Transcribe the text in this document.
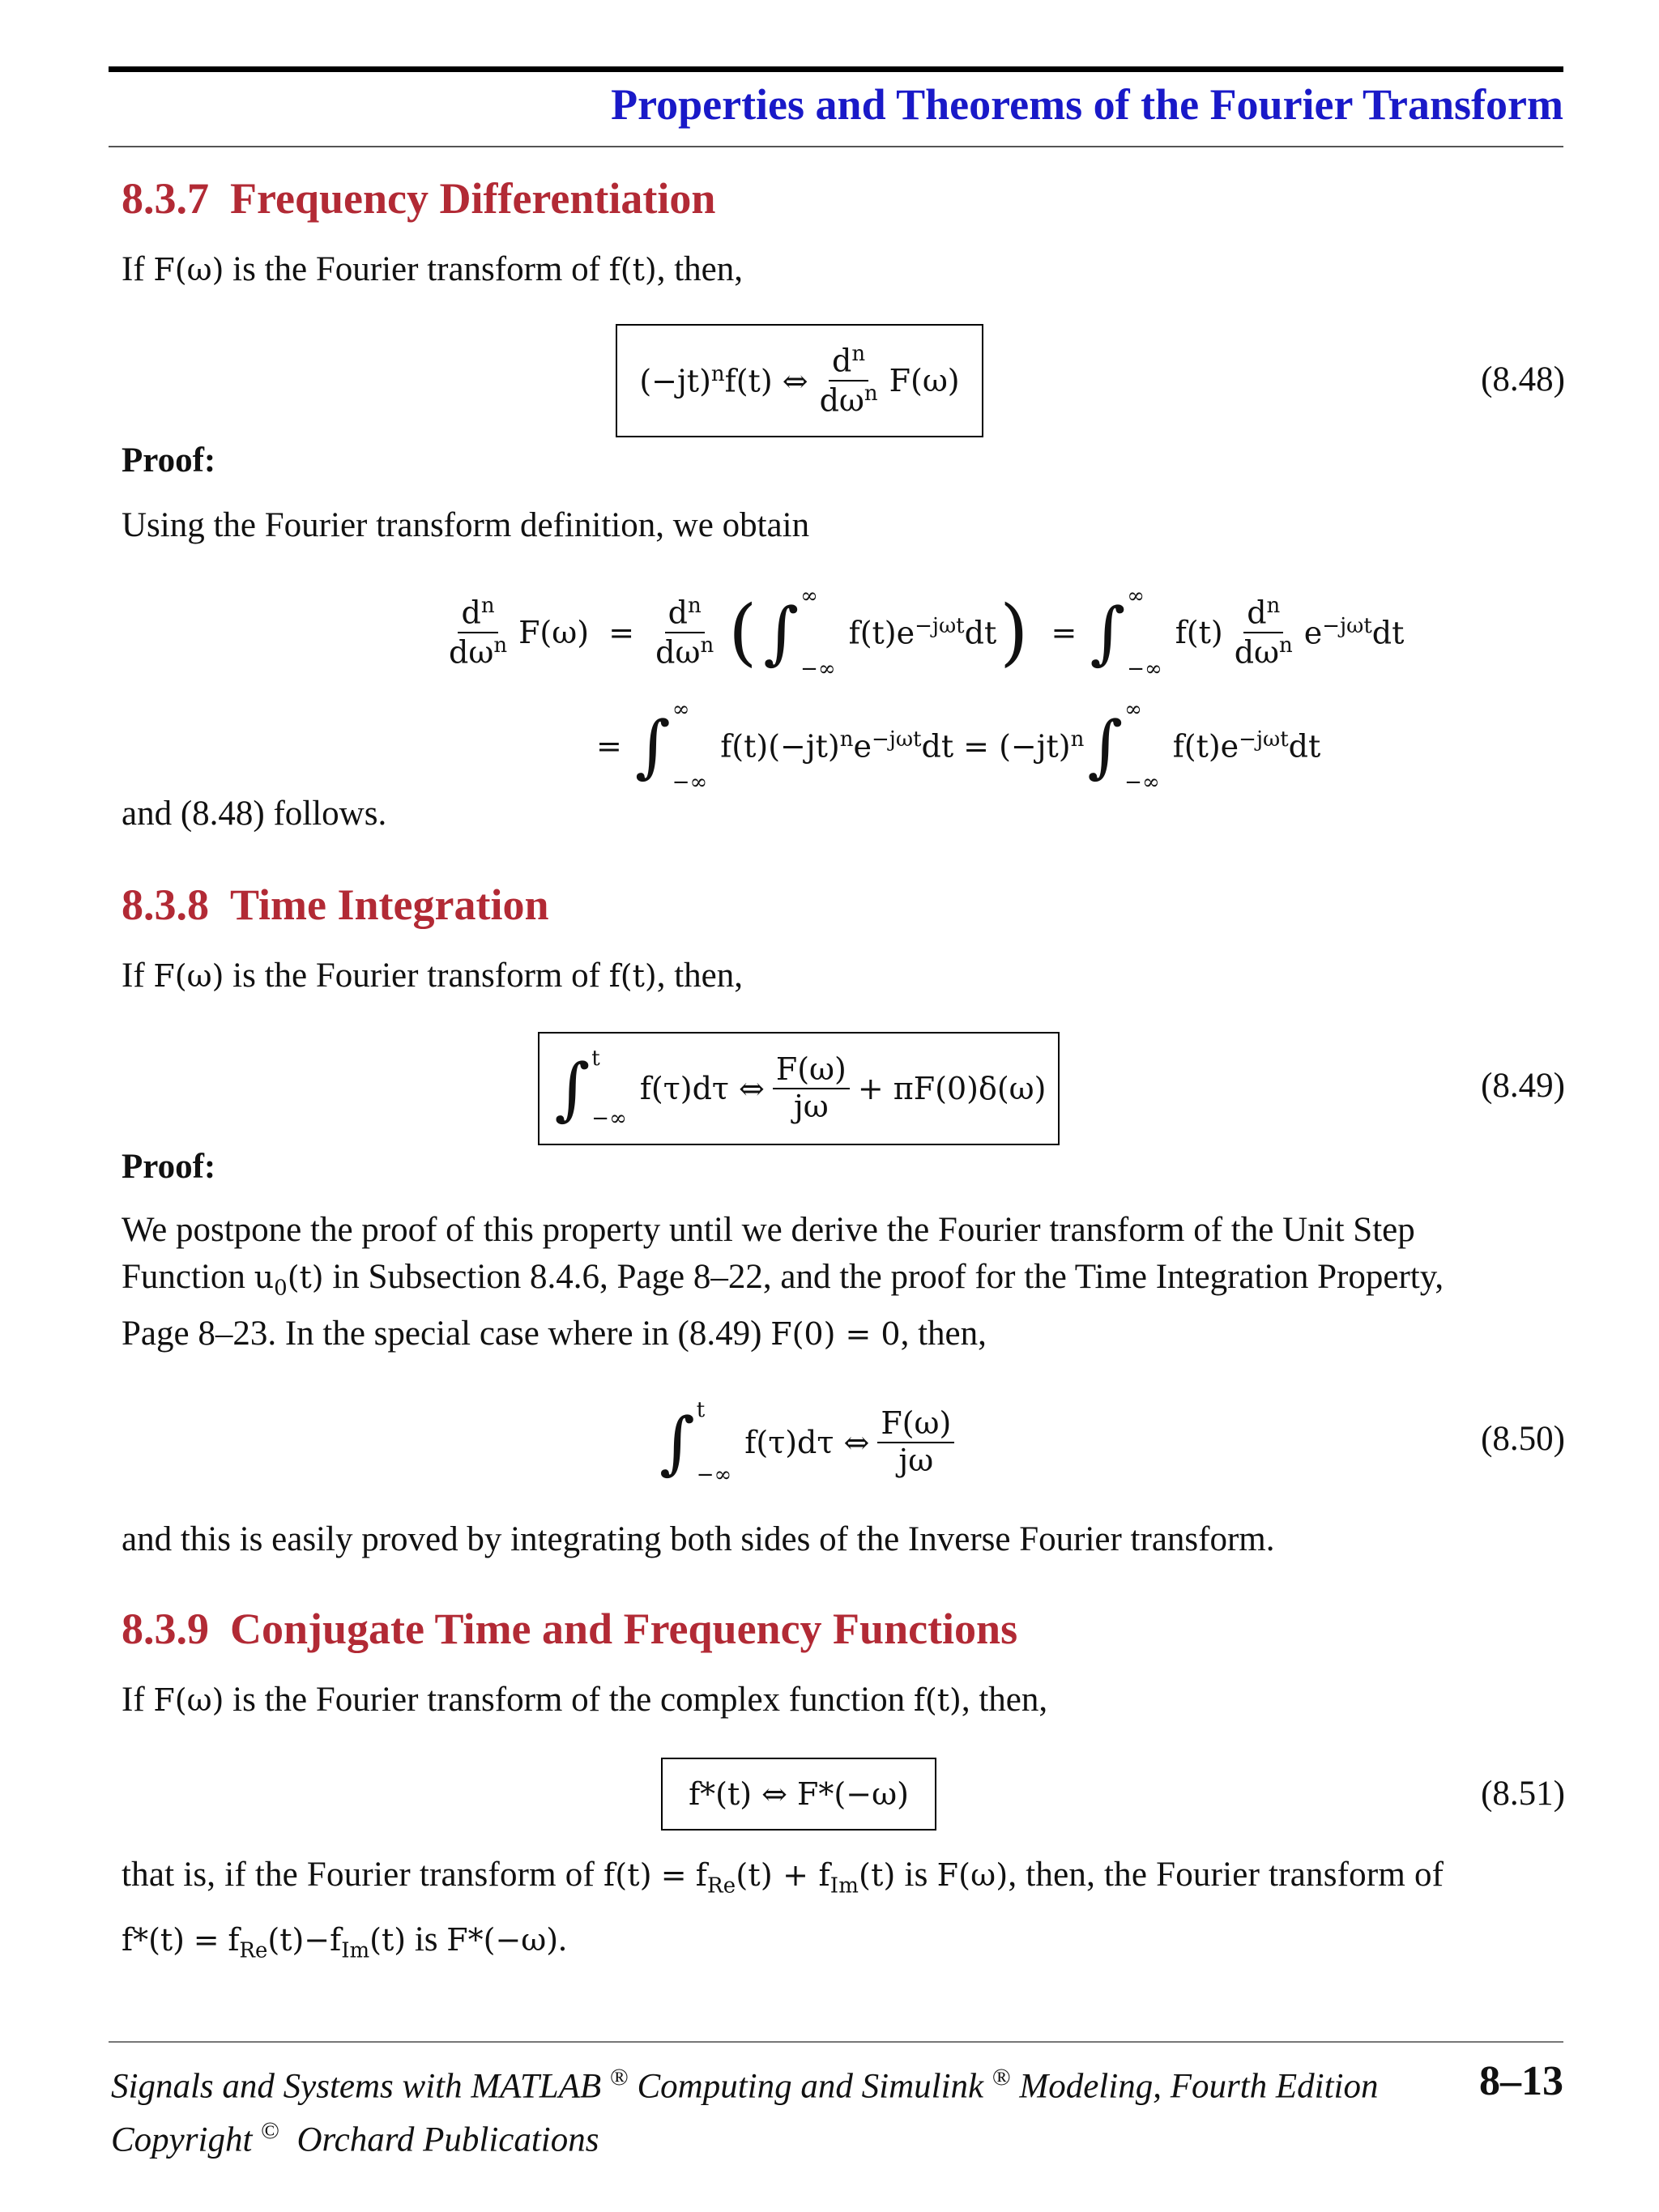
Properties and Theorems of the Fourier Transform
8.3.7 Frequency Differentiation
If F(ω) is the Fourier transform of f(t), then,
$(-jt)^nf(t)$ ⇔ $\frac{d^n}{d\omega^n} F(\omega)$	(8.48)
Proof:
Using the Fourier transform definition, we obtain
$\frac{d^n}{d\omega^n} F(\omega) = \frac{d^n}{d\omega^n}$ ( ∫ ∞
−∞
$f(t)e^{-j\omega t}dt$ ) = ∫ ∞
−∞
$f(t) \frac{d^n}{d\omega^n} e^{-j\omega t}dt$
= ∫ ∞
−∞
$f(t)(-jt)^ne^{-j\omega t}dt = (-jt)^n$ ∫ ∞
−∞
$f(t)e^{-j\omega t}dt$
and (8.48) follows.
8.3.8 Time Integration
If F(ω) is the Fourier transform of f(t), then,
∫ t
−∞
f(τ)dτ ⇔ $\frac{F(\omega)}{j\omega} + \pi F(0)\delta(\omega)$	(8.49)
Proof:
We postpone the proof of this property until we derive the Fourier transform of the Unit Step
Function $u_0(t)$ in Subsection 8.4.6, Page 8–22, and the proof for the Time Integration Property,
Page 8–23. In the special case where in (8.49) F(0) = 0, then,
∫ t
−∞
f(τ)dτ ⇔ $\frac{F(\omega)}{j\omega}$	(8.50)
and this is easily proved by integrating both sides of the Inverse Fourier transform.
8.3.9 Conjugate Time and Frequency Functions
If F(ω) is the Fourier transform of the complex function f(t), then,
f*(t) ⇔ F*(−ω)	(8.51)
that is, if the Fourier transform of $f(t) = f_{Re}(t) + f_{Im}(t)$ is F(ω), then, the Fourier transform of
$f*(t) = f_{Re}(t)-f_{Im}(t)$ is F*(−ω).
Signals and Systems with MATLAB ® Computing and Simulink ® Modeling, Fourth Edition
Copyright © Orchard Publications
8–13
